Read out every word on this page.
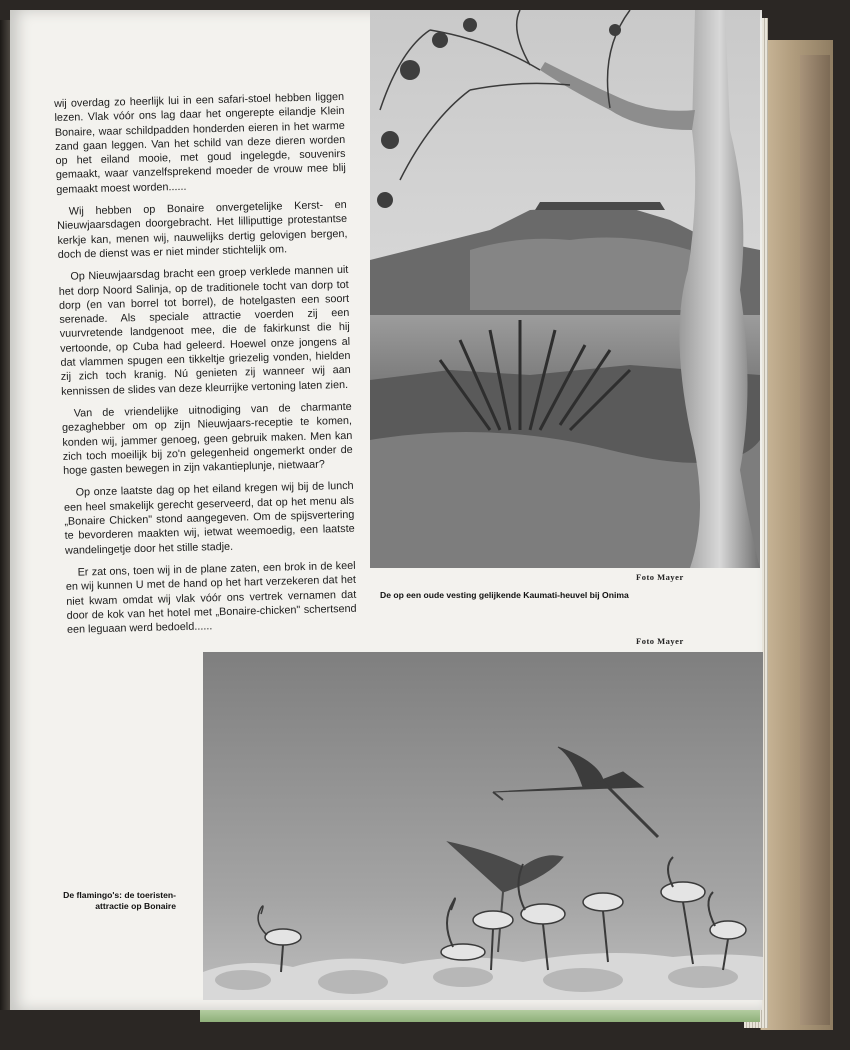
wij overdag zo heerlijk lui in een safari-stoel hebben liggen lezen. Vlak vóór ons lag daar het ongerepte eilandje Klein Bonaire, waar schildpadden honderden eieren in het warme zand gaan leggen. Van het schild van deze dieren worden op het eiland mooie, met goud ingelegde, souvenirs gemaakt, waar vanzelfsprekend moeder de vrouw mee blij gemaakt moest worden......

Wij hebben op Bonaire onvergetelijke Kerst- en Nieuwjaarsdagen doorgebracht. Het lilliputtige protestantse kerkje kan, menen wij, nauwelijks dertig gelovigen bergen, doch de dienst was er niet minder stichtelijk om.

Op Nieuwjaarsdag bracht een groep verklede mannen uit het dorp Noord Salinja, op de traditionele tocht van dorp tot dorp (en van borrel tot borrel), de hotelgasten een soort serenade. Als speciale attractie voerden zij een vuurvretende landgenoot mee, die de fakirkunst die hij vertoonde, op Cuba had geleerd. Hoewel onze jongens al dat vlammen spugen een tikkeltje griezelig vonden, hielden zij zich toch kranig. Nú genieten zij wanneer wij aan kennissen de slides van deze kleurrijke vertoning laten zien.

Van de vriendelijke uitnodiging van de charmante gezaghebber om op zijn Nieuwjaars-receptie te komen, konden wij, jammer genoeg, geen gebruik maken. Men kan zich toch moeilijk bij zo'n gelegenheid ongemerkt onder de hoge gasten bewegen in zijn vakantieplunje, nietwaar?

Op onze laatste dag op het eiland kregen wij bij de lunch een heel smakelijk gerecht geserveerd, dat op het menu als „Bonaire Chicken" stond aangegeven. Om de spijsvertering te bevorderen maakten wij, ietwat weemoedig, een laatste wandelingetje door het stille stadje.

Er zat ons, toen wij in de plane zaten, een brok in de keel en wij kunnen U met de hand op het hart verzekeren dat het niet kwam omdat wij vlak vóór ons vertrek vernamen dat door de kok van het hotel met „Bonaire-chicken" schertsend een leguaan werd bedoeld......

Foto Mayer
De op een oude vesting gelijkende Kaumati-heuvel bij Onima
Foto Mayer
De flamingo's: de toeristen-attractie op Bonaire
